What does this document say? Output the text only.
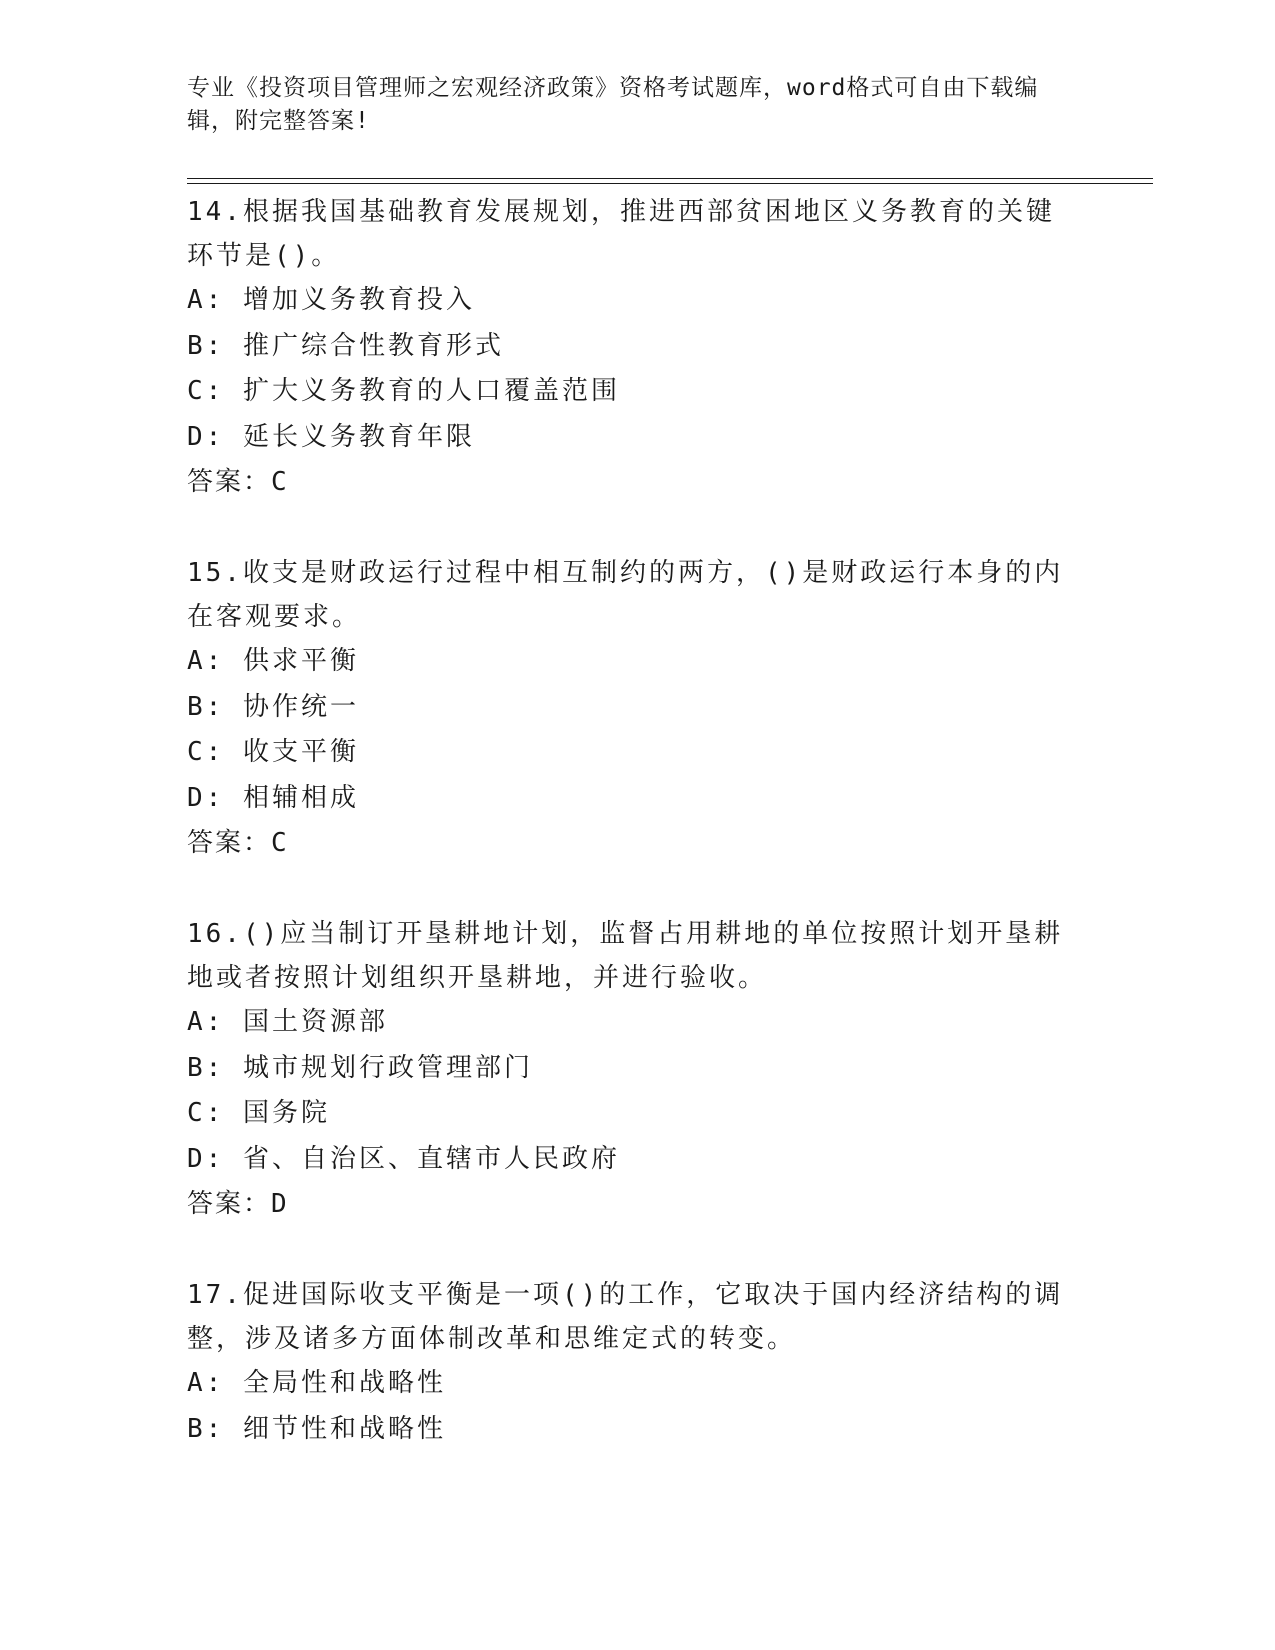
专业《投资项目管理师之宏观经济政策》资格考试题库，word格式可自由下载编辑，附完整答案!

14.根据我国基础教育发展规划，推进西部贫困地区义务教育的关键环节是()。

A: 增加义务教育投入

B: 推广综合性教育形式

C: 扩大义务教育的人口覆盖范围

D: 延长义务教育年限

答案：C

15.收支是财政运行过程中相互制约的两方，()是财政运行本身的内在客观要求。

A: 供求平衡

B: 协作统一

C: 收支平衡

D: 相辅相成

答案：C

16.()应当制订开垦耕地计划，监督占用耕地的单位按照计划开垦耕地或者按照计划组织开垦耕地，并进行验收。

A: 国土资源部

B: 城市规划行政管理部门

C: 国务院

D: 省、自治区、直辖市人民政府

答案：D

17.促进国际收支平衡是一项()的工作，它取决于国内经济结构的调整，涉及诸多方面体制改革和思维定式的转变。

A: 全局性和战略性

B: 细节性和战略性
